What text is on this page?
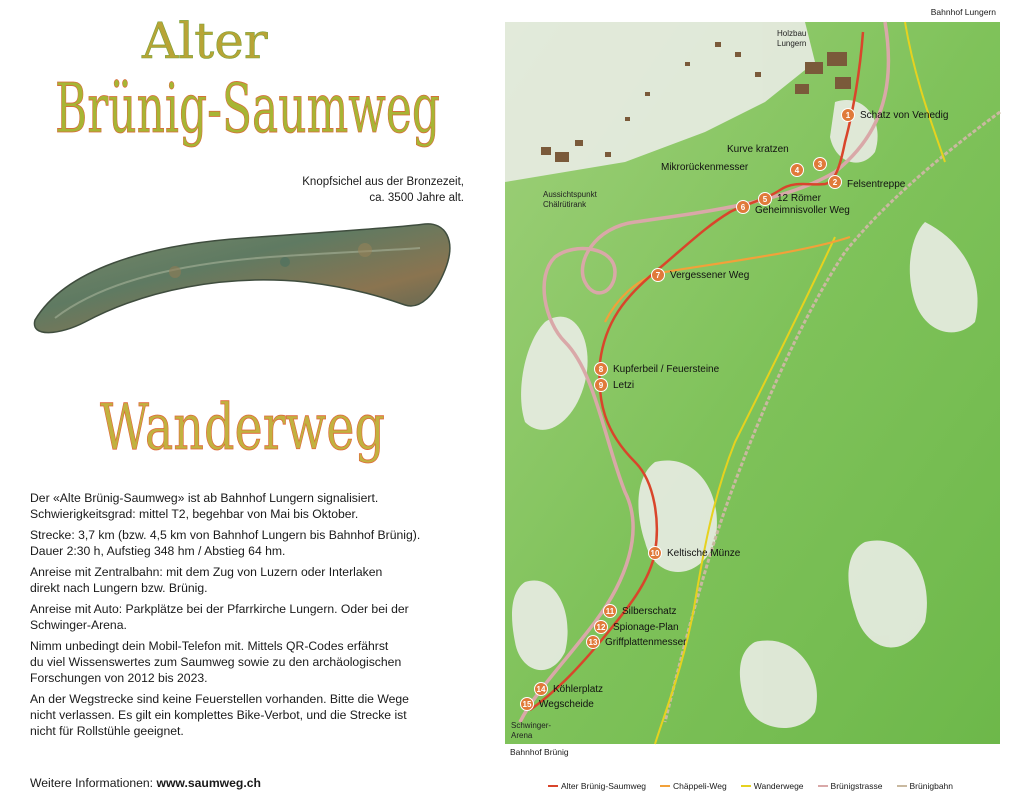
Alter
Brünig-Saumweg
Wanderweg
Knopfsichel aus der Bronzezeit,
ca. 3500 Jahre alt.

Der «Alte Brünig-Saumweg» ist ab Bahnhof Lungern signalisiert.
Schwierigkeitsgrad: mittel T2, begehbar von Mai bis Oktober.

Strecke: 3,7 km (bzw. 4,5 km von Bahnhof Lungern bis Bahnhof Brünig).
Dauer 2:30 h, Aufstieg 348 hm / Abstieg 64 hm.

Anreise mit Zentralbahn: mit dem Zug von Luzern oder Interlaken
direkt nach Lungern bzw. Brünig.

Anreise mit Auto: Parkplätze bei der Pfarrkirche Lungern. Oder bei der
Schwinger-Arena.

Nimm unbedingt dein Mobil-Telefon mit. Mittels QR-Codes erfährst
du viel Wissenswertes zum Saumweg sowie zu den archäologischen
Forschungen von 2012 bis 2023.

An der Wegstrecke sind keine Feuerstellen vorhanden. Bitte die Wege
nicht verlassen. Es gilt ein komplettes Bike-Verbot, und die Strecke ist
nicht für Rollstühle geeignet.

Weitere Informationen: www.saumweg.ch
Bahnhof Lungern
Bahnhof Brünig
Holzbau
Lungern
Aussichtspunkt
Chälrütirank
Schwinger-
Arena
1 Schatz von Venedig
2 Felsentreppe
3
Kurve kratzen
4
Mikrorückenmesser
5 12 Römer
6 Geheimnisvoller Weg
7 Vergessener Weg
8 Kupferbeil / Feuersteine
9 Letzi
10 Keltische Münze
11 Silberschatz
12 Spionage-Plan
13 Griffplattenmesser
14 Köhlerplatz
15 Wegscheide
Alter Brünig-Saumweg	Chäppeli-Weg	Wanderwege	Brünigstrasse	Brünigbahn
